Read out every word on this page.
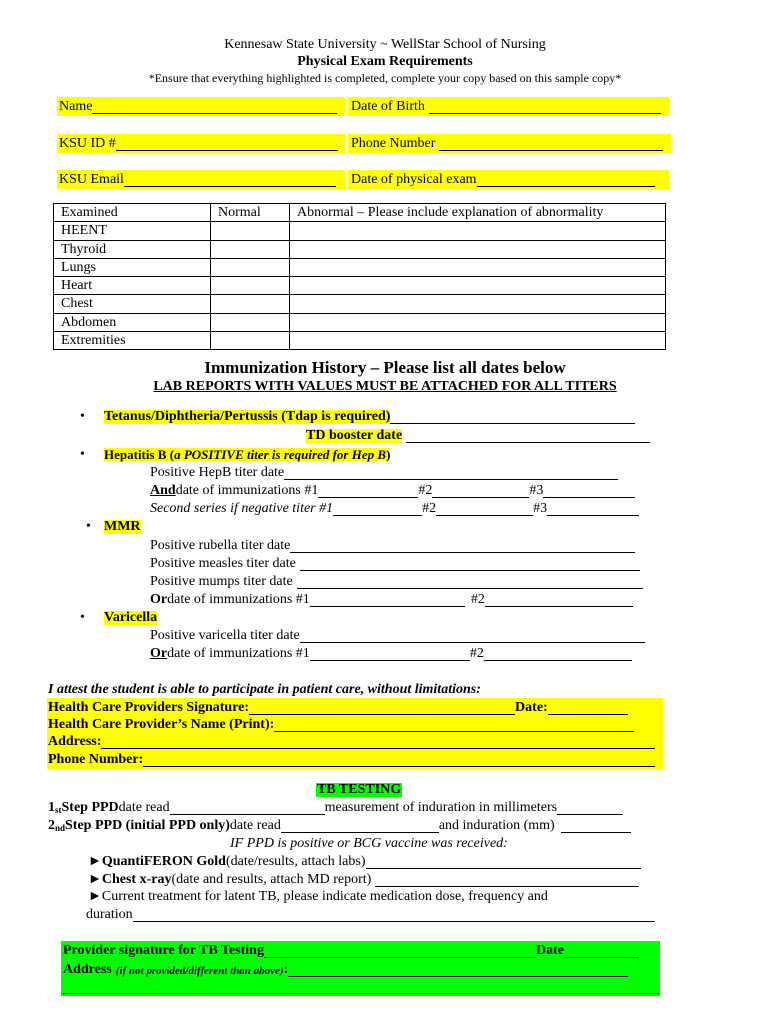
Kennesaw State University ~ WellStar School of Nursing
Physical Exam Requirements
*Ensure that everything highlighted is completed, complete your copy based on this sample copy*
Name	Date of Birth
KSU ID #	Phone Number
KSU Email	Date of physical exam
Examined	Normal	Abnormal – Please include explanation of abnormality
HEENT		
Thyroid		
Lungs		
Heart		
Chest		
Abdomen		
Extremities		
Immunization History – Please list all dates below
LAB REPORTS WITH VALUES MUST BE ATTACHED FOR ALL TITERS
• Tetanus/Diphtheria/Pertussis (Tdap is required)
TD booster date
• Hepatitis B (a POSITIVE titer is required for Hep B)
Positive HepB titer date
And date of immunizations #1	#2	#3
Second series if negative titer #1	#2	#3
• MMR
Positive rubella titer date
Positive measles titer date
Positive mumps titer date
Or date of immunizations #1	#2
• Varicella
Positive varicella titer date
Or date of immunizations #1	#2
I attest the student is able to participate in patient care, without limitations:
Health Care Providers Signature:	Date:
Health Care Provider’s Name (Print):
Address:
Phone Number:
TB TESTING
1 st Step PPD date read	measurement of induration in millimeters
2 nd Step PPD (initial PPD only) date read	and induration (mm)
IF PPD is positive or BCG vaccine was received:
► QuantiFERON Gold (date/results, attach labs)
► Chest x-ray (date and results, attach MD report)
► Current treatment for latent TB, please indicate medication dose, frequency and
duration
Provider signature for TB Testing	Date
Address (if not provided/different than above) :
